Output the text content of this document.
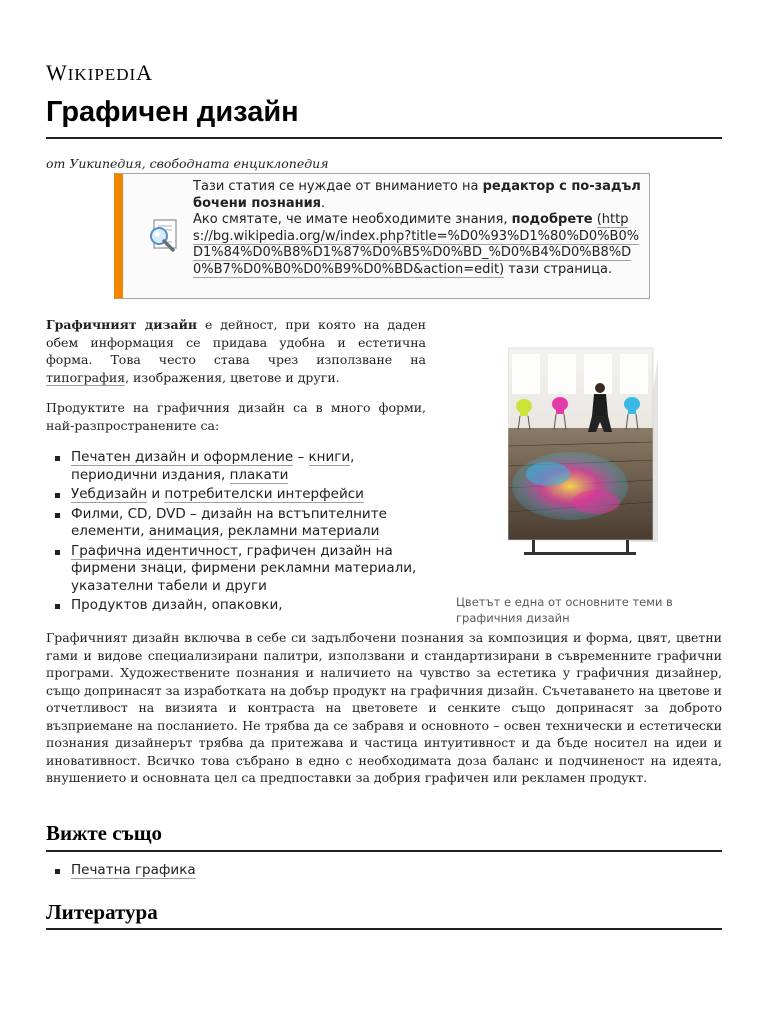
WIKIPEDIA
Графичен дизайн
от Уикипедия, свободната енциклопедия
Тази статия се нуждае от вниманието на редактор с по-задълбочени познания.
Ако смятате, че имате необходимите знания, подобрете (https://bg.wikipedia.org/w/index.php?title=%D0%93%D1%80%D0%B0%D1%84%D0%B8%D1%87%D0%B5%D0%BD_%D0%B4%D0%B8%D0%B7%D0%B0%D0%B9%D0%BD&action=edit) тази страница.

Графичният дизайн е дейност, при която на даден обем информация се придава удобна и естетична форма. Това често става чрез използване на типография, изображения, цветове и други.

Продуктите на графичния дизайн са в много форми, най-разпространените са:

Печатен дизайн и оформление – книги, периодични издания, плакати
Уебдизайн и потребителски интерфейси
Филми, CD, DVD – дизайн на встъпителните елементи, анимация, рекламни материали
Графична идентичност, графичен дизайн на фирмени знаци, фирмени рекламни материали, указателни табели и други
Продуктов дизайн, опаковки,	Цветът е една от основните теми в графичния дизайн

Графичният дизайн включва в себе си задълбочени познания за композиция и форма, цвят, цветни гами и видове специализирани палитри, използвани и стандартизирани в съвременните графични програми. Художествените познания и наличието на чувство за естетика у графичния дизайнер, също допринасят за изработката на добър продукт на графичния дизайн. Съчетаването на цветове и отчетливост на визията и контраста на цветовете и сенките също допринасят за доброто възприемане на посланието. Не трябва да се забравя и основното – освен технически и естетически познания дизайнерът трябва да притежава и частица интуитивност и да бъде носител на идеи и иновативност. Всичко това събрано в едно с необходимата доза баланс и подчиненост на идеята, внушението и основната цел са предпоставки за добрия графичен или рекламен продукт.

Вижте също
Печатна графика
Литература
